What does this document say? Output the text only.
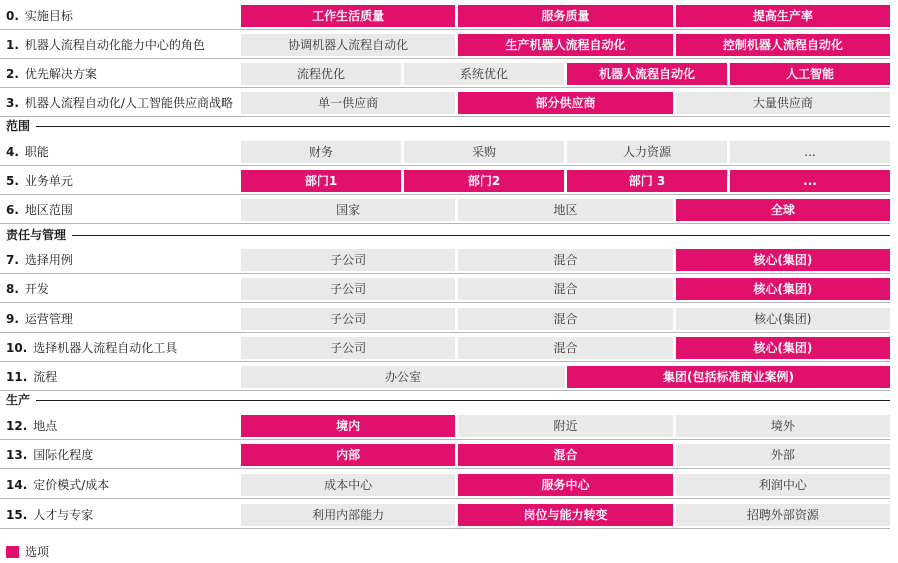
0. 实施目标	工作生活质量	服务质量	提高生产率
1. 机器人流程自动化能力中心的角色	协调机器人流程自动化	生产机器人流程自动化	控制机器人流程自动化
2. 优先解决方案	流程优化	系统优化	机器人流程自动化	人工智能
3. 机器人流程自动化/人工智能供应商战略	单一供应商	部分供应商	大量供应商
4. 职能	财务	采购	人力资源	...
5. 业务单元	部门1	部门2	部门 3	...
6. 地区范围	国家	地区	全球
7. 选择用例	子公司	混合	核心(集团)
8. 开发	子公司	混合	核心(集团)
9. 运营管理	子公司	混合	核心(集团)
10. 选择机器人流程自动化工具	子公司	混合	核心(集团)
11. 流程	办公室	集团(包括标准商业案例)
12. 地点	境内	附近	境外
13. 国际化程度	内部	混合	外部
14. 定价模式/成本	成本中心	服务中心	利润中心
15. 人才与专家	利用内部能力	岗位与能力转变	招聘外部资源
范围
责任与管理
生产
选项
